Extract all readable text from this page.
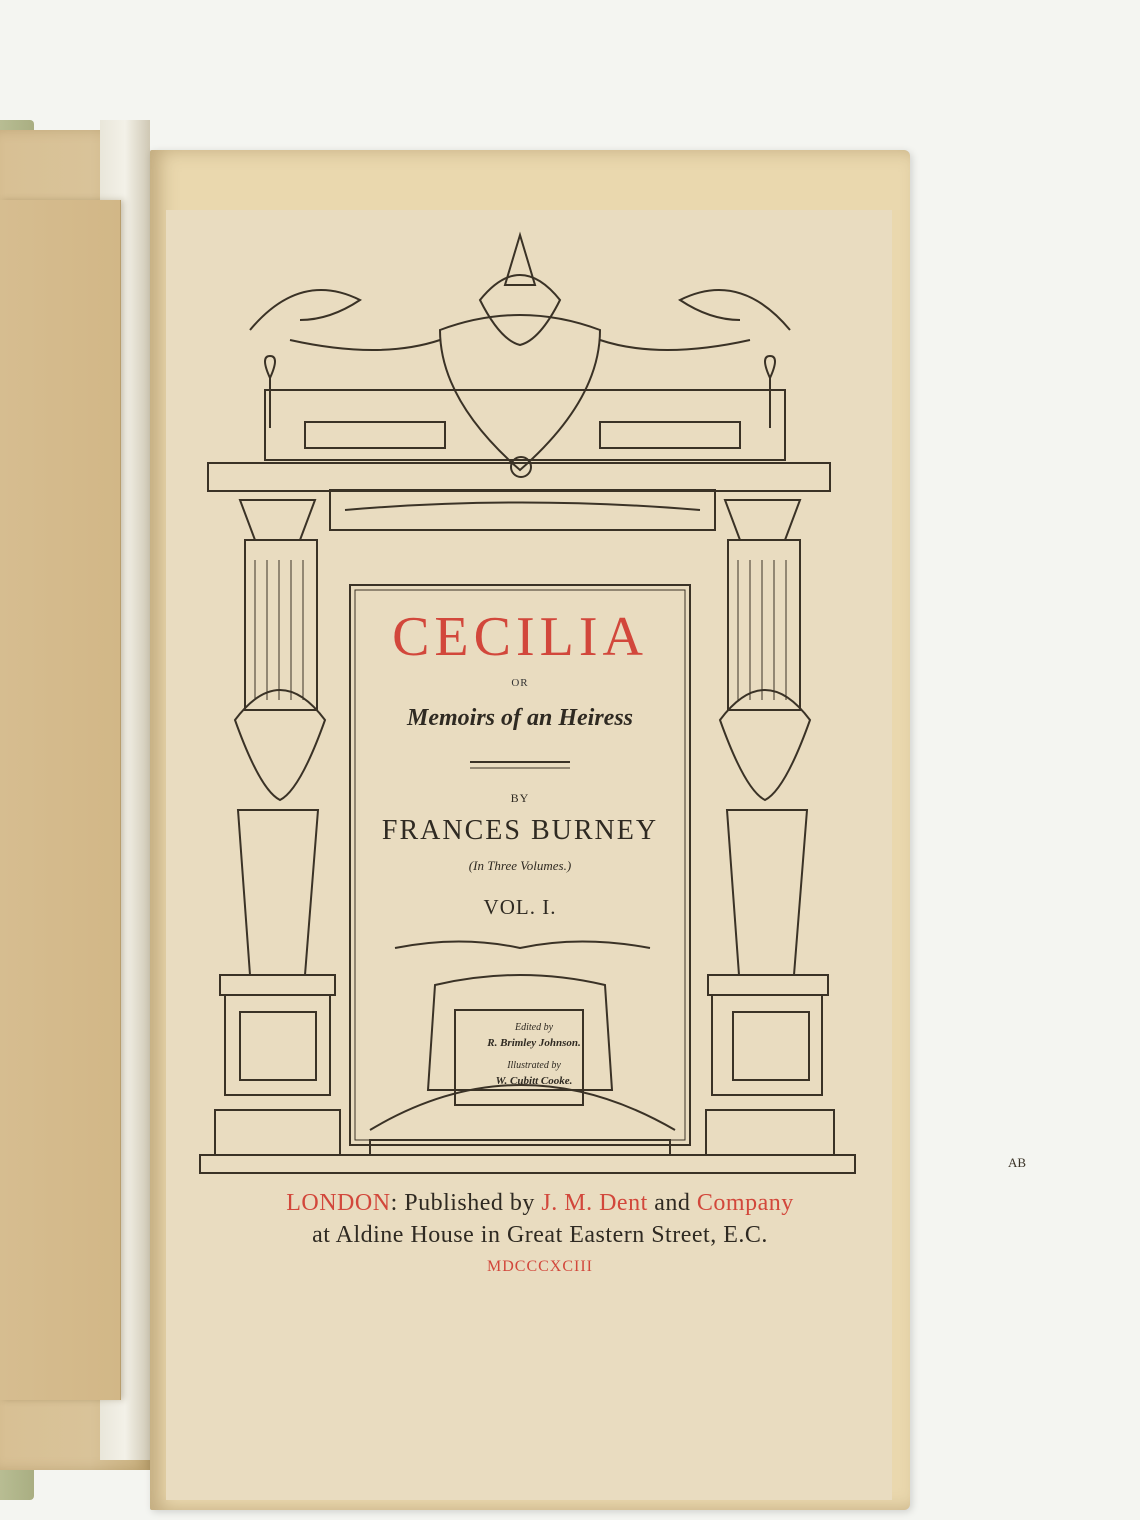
CECILIA
OR
Memoirs of an Heiress
BY
FRANCES BURNEY
(In Three Volumes.)
VOL. I.
Edited by
R. Brimley Johnson.
Illustrated by
W. Cubitt Cooke.
AB
LONDON: Published by J. M. Dent and Company
at Aldine House in Great Eastern Street, E.C.
MDCCCXCIII
